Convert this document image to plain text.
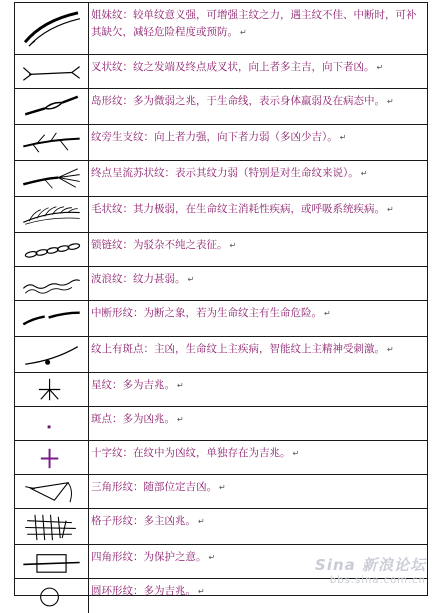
姐妹纹：较单纹意义强，可增强主纹之力，遇主纹不佳、中断时，可补其缺欠，减轻危险程度或预防。 ↵
叉状纹：纹之发端及终点成叉状，向上者多主吉，向下者凶。 ↵
岛形纹：多为微弱之兆，于生命线，表示身体羸弱及在病态中。 ↵
纹旁生支纹：向上者力强，向下者力弱（多凶少吉）。 ↵
终点呈流苏状纹：表示其纹力弱（特别是对生命纹来说）。 ↵
毛状纹：其力极弱，在生命纹主消耗性疾病，或呼吸系统疾病。 ↵
锁链纹：为驳杂不纯之表征。 ↵
波浪纹：纹力甚弱。 ↵
中断形纹：为断之象，若为生命纹主有生命危险。 ↵
纹上有斑点：主凶，生命纹上主疾病，智能纹上主精神受刺激。 ↵
星纹：多为吉兆。 ↵
斑点：多为凶兆。 ↵
十字纹：在纹中为凶纹，单独存在为吉兆。 ↵
三角形纹：随部位定吉凶。 ↵
格子形纹：多主凶兆。 ↵
四角形纹：为保护之意。 ↵
圆环形纹：多为吉兆。 ↵
Sina 新浪论坛
bbs.sina.com.cn
